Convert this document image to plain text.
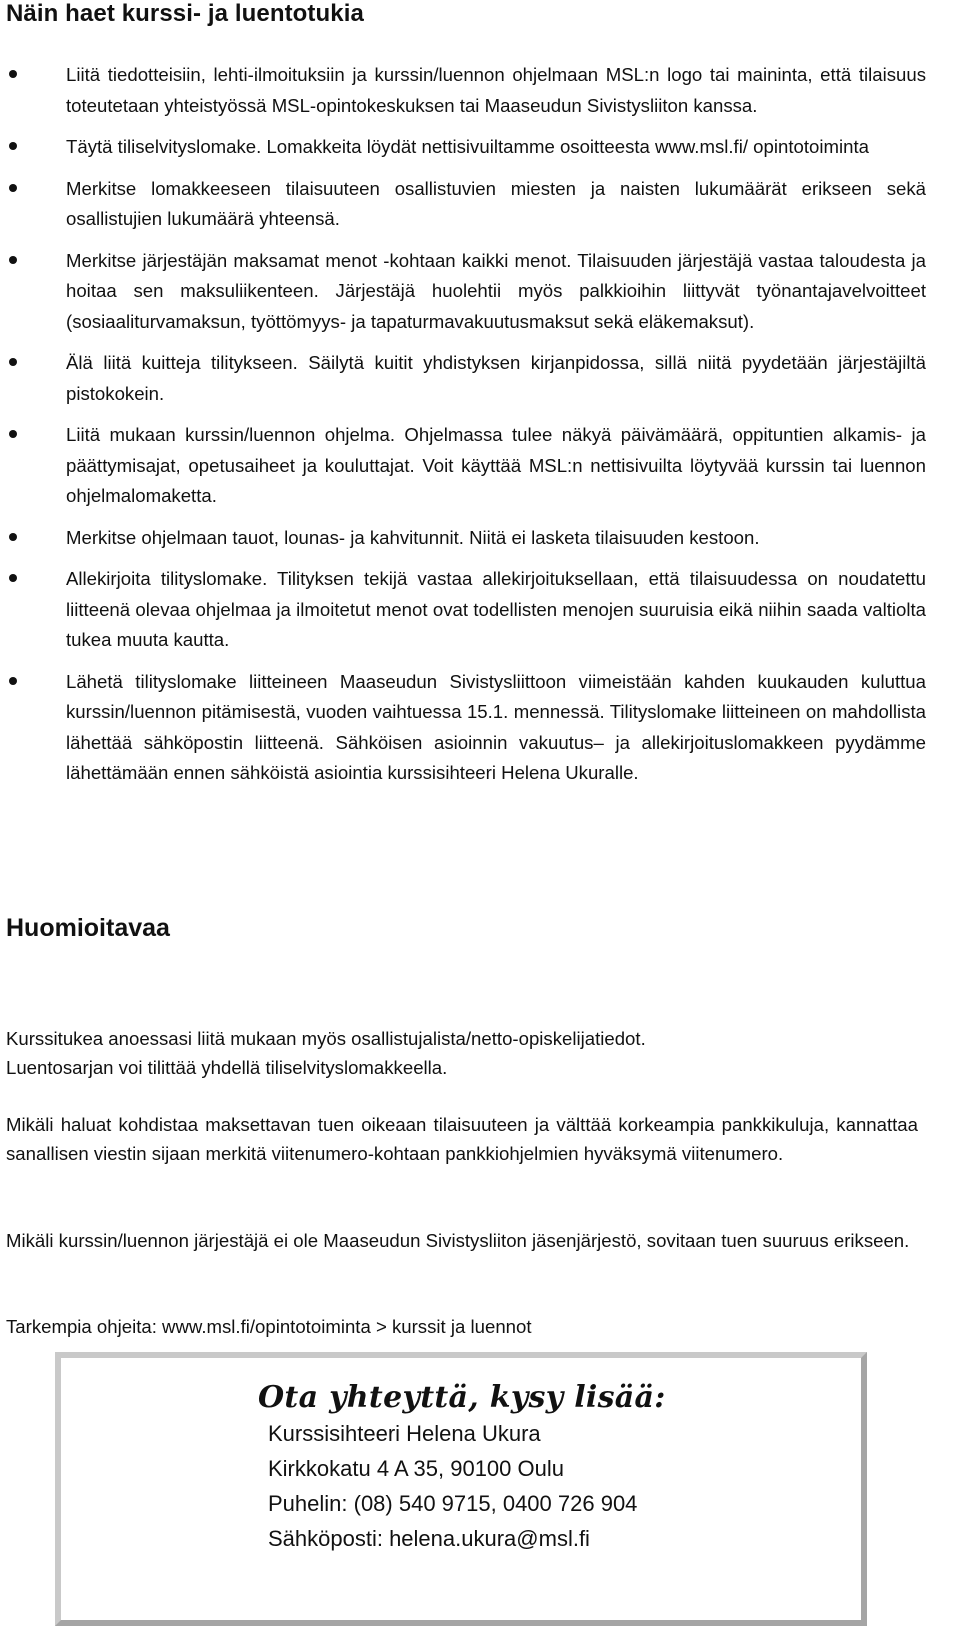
Näin haet kurssi- ja luentotukia
Liitä tiedotteisiin, lehti-ilmoituksiin ja kurssin/luennon ohjelmaan MSL:n logo tai maininta, että tilaisuus toteutetaan yhteistyössä MSL-opintokeskuksen tai Maaseudun Sivistysliiton kanssa.
Täytä tiliselvityslomake. Lomakkeita löydät nettisivuiltamme osoitteesta www.msl.fi/ opintotoiminta
Merkitse lomakkeeseen tilaisuuteen osallistuvien miesten ja naisten lukumäärät erikseen sekä osallistujien lukumäärä yhteensä.
Merkitse järjestäjän maksamat menot -kohtaan kaikki menot. Tilaisuuden järjestäjä vastaa taloudesta ja hoitaa sen maksuliikenteen. Järjestäjä huolehtii myös palkkioihin liittyvät työnantajavelvoitteet (sosiaaliturvamaksun, työttömyys- ja tapaturmavakuutusmaksut sekä eläkemaksut).
Älä liitä kuitteja tilitykseen. Säilytä kuitit yhdistyksen kirjanpidossa, sillä niitä pyydetään järjestäjiltä pistokokein.
Liitä mukaan kurssin/luennon ohjelma. Ohjelmassa tulee näkyä päivämäärä, oppituntien alkamis- ja päättymisajat, opetusaiheet ja kouluttajat. Voit käyttää MSL:n nettisivuilta löytyvää kurssin tai luennon ohjelmalomaketta.
Merkitse ohjelmaan tauot, lounas- ja kahvitunnit. Niitä ei lasketa tilaisuuden kestoon.
Allekirjoita tilityslomake. Tilityksen tekijä vastaa allekirjoituksellaan, että tilaisuudessa on noudatettu liitteenä olevaa ohjelmaa ja ilmoitetut menot ovat todellisten menojen suuruisia eikä niihin saada valtiolta tukea muuta kautta.
Lähetä tilityslomake liitteineen Maaseudun Sivistysliittoon viimeistään kahden kuukauden kuluttua kurssin/luennon pitämisestä, vuoden vaihtuessa 15.1. mennessä. Tilityslomake liitteineen on mahdollista lähettää sähköpostin liitteenä. Sähköisen asioinnin vakuutus– ja allekirjoituslomakkeen pyydämme lähettämään ennen sähköistä asiointia kurssisihteeri Helena Ukuralle.
Huomioitavaa

Kurssitukea anoessasi liitä mukaan myös osallistujalista/netto-opiskelijatiedot.
Luentosarjan voi tilittää yhdellä tiliselvityslomakkeella.

Mikäli haluat kohdistaa maksettavan tuen oikeaan tilaisuuteen ja välttää korkeampia pankkikuluja, kannattaa sanallisen viestin sijaan merkitä viitenumero-kohtaan pankkiohjelmien hyväksymä viitenumero.

Mikäli kurssin/luennon järjestäjä ei ole Maaseudun Sivistysliiton jäsenjärjestö, sovitaan tuen suuruus erikseen.

Tarkempia ohjeita: www.msl.fi/opintotoiminta > kurssit ja luennot

Ota yhteyttä, kysy lisää:
Kurssisihteeri Helena Ukura
Kirkkokatu 4 A 35, 90100 Oulu
Puhelin: (08) 540 9715, 0400 726 904
Sähköposti: helena.ukura@msl.fi
